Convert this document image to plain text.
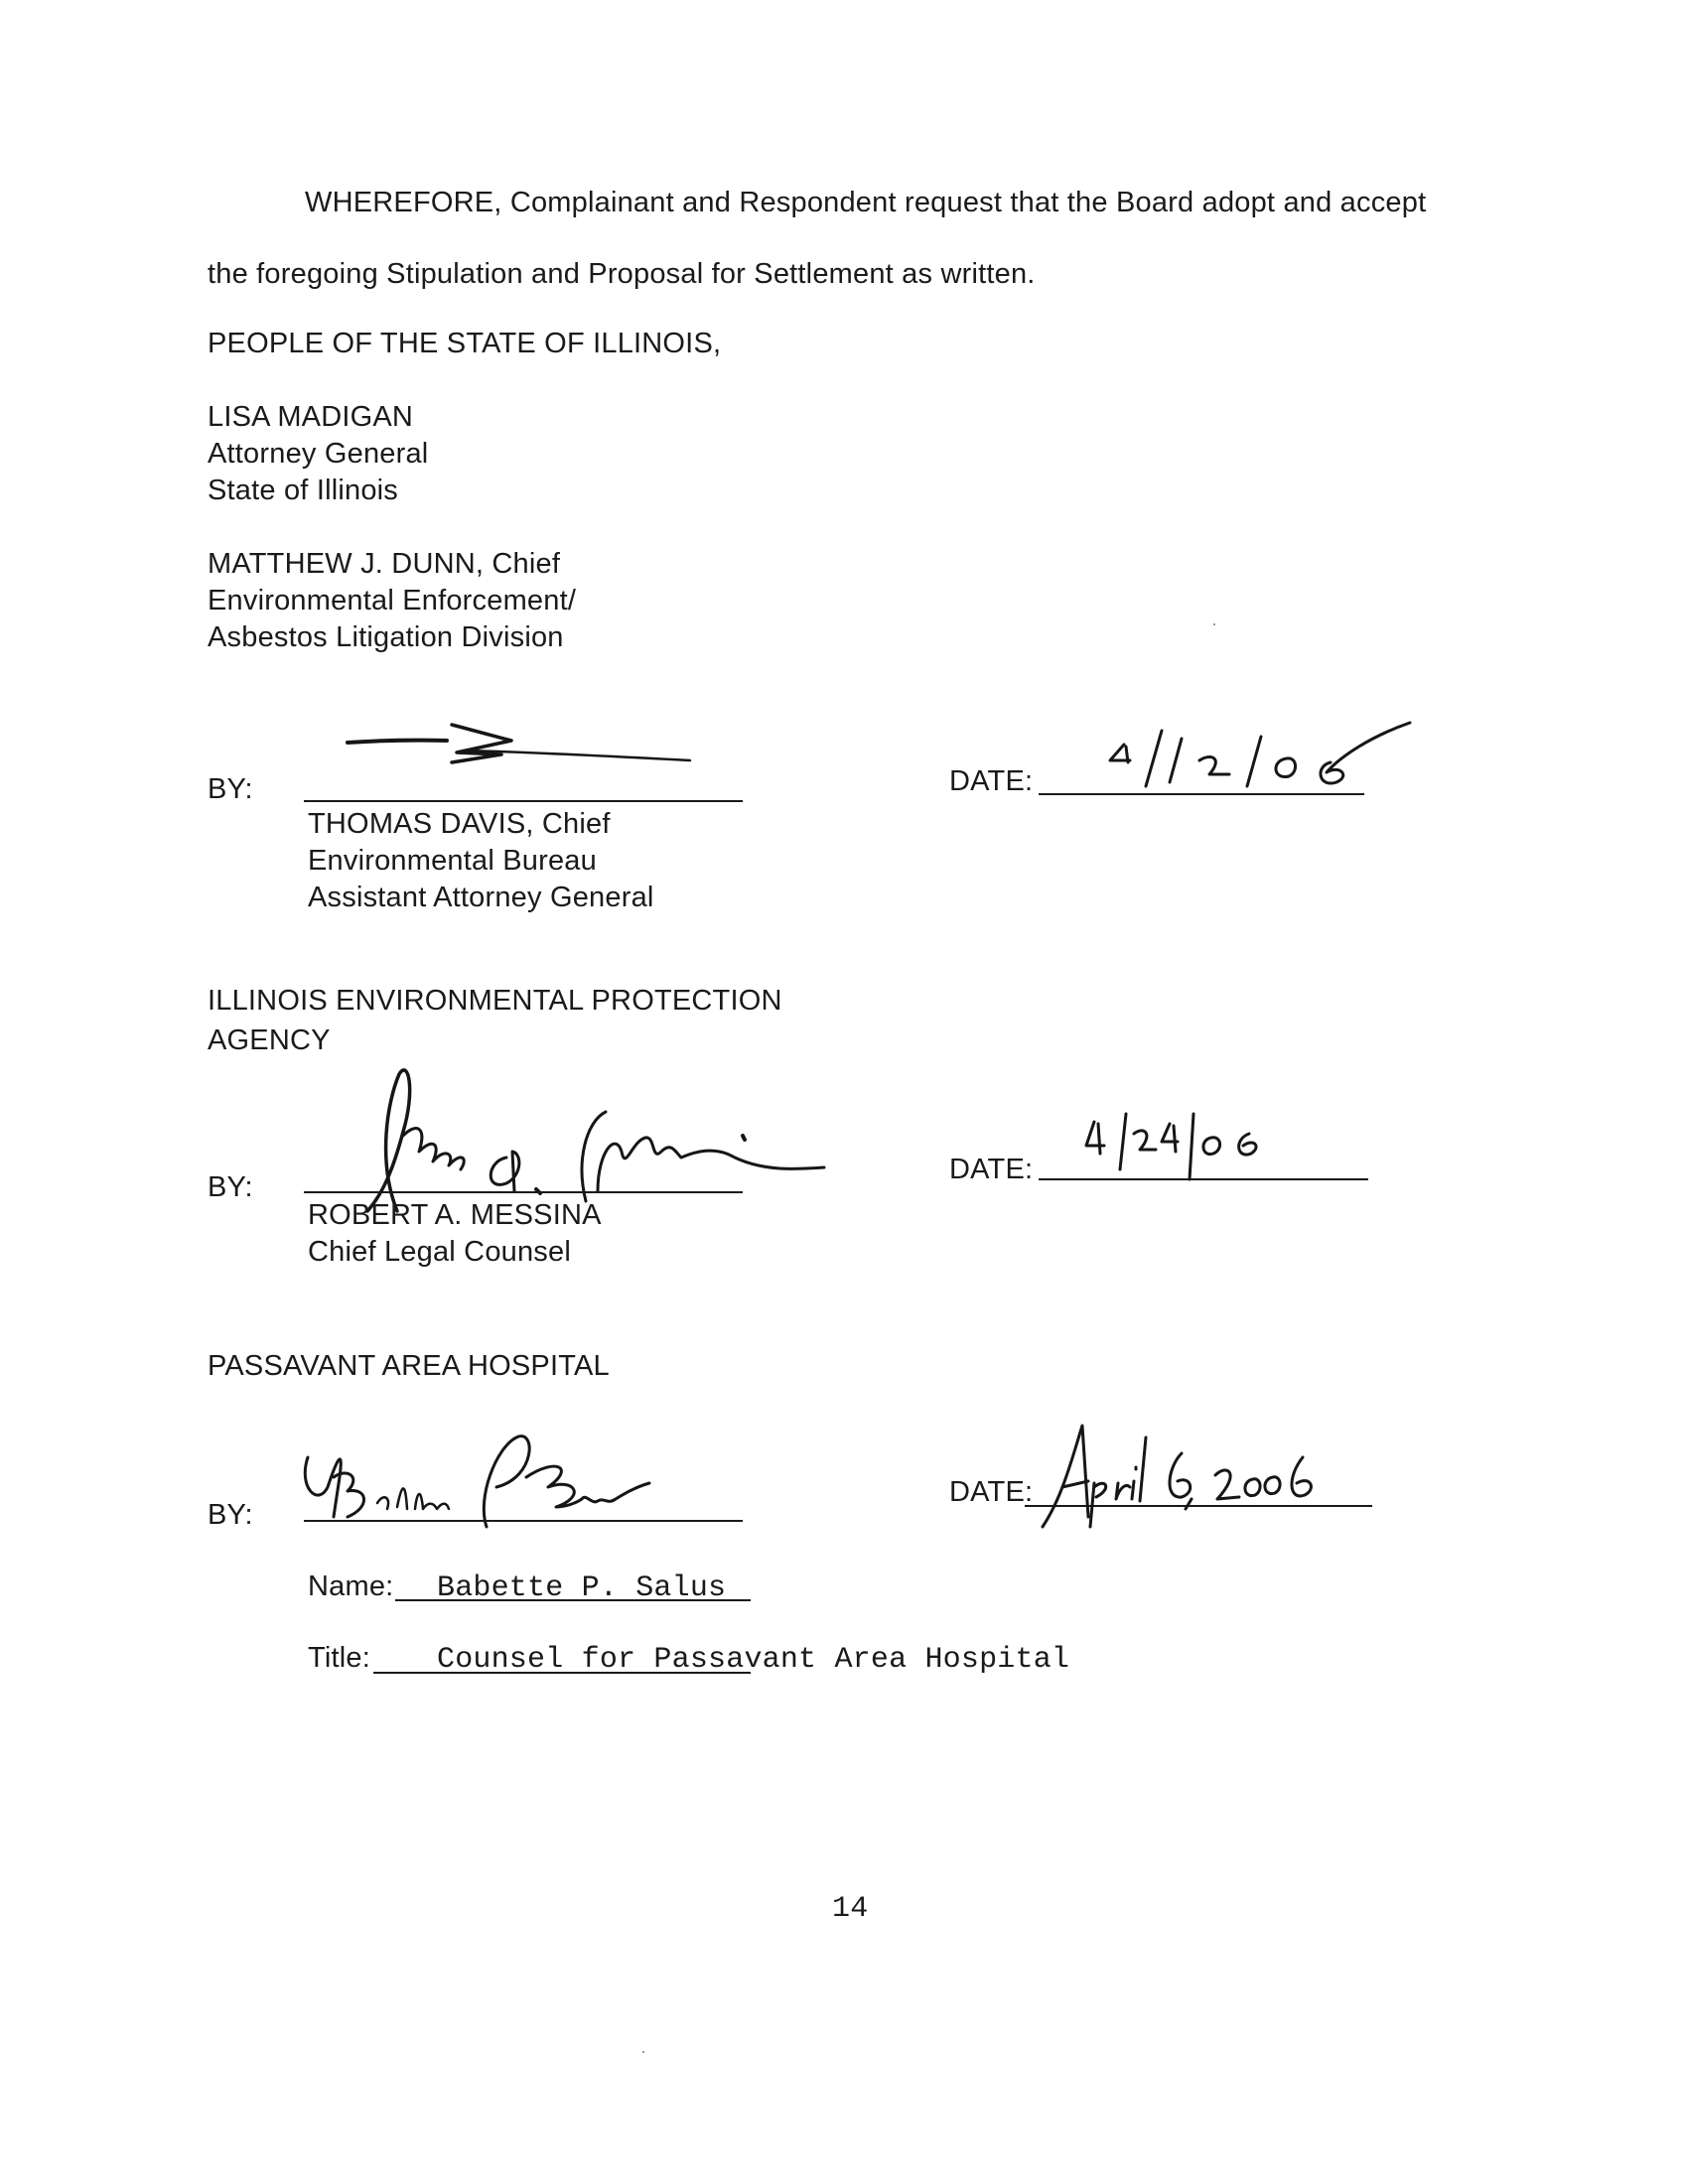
WHEREFORE, Complainant and Respondent request that the Board adopt and accept
the foregoing Stipulation and Proposal for Settlement as written.
PEOPLE OF THE STATE OF ILLINOIS,
LISA MADIGAN
Attorney General
State of Illinois
MATTHEW J. DUNN, Chief
Environmental Enforcement/
Asbestos Litigation Division
BY:
THOMAS DAVIS, Chief
Environmental Bureau
Assistant Attorney General
DATE:
ILLINOIS ENVIRONMENTAL PROTECTION
AGENCY
BY:
ROBERT A. MESSINA
Chief Legal Counsel
DATE:
PASSAVANT AREA HOSPITAL
BY:
DATE:
Name: Babette P. Salus
Title: Counsel for Passavant Area Hospital
14
